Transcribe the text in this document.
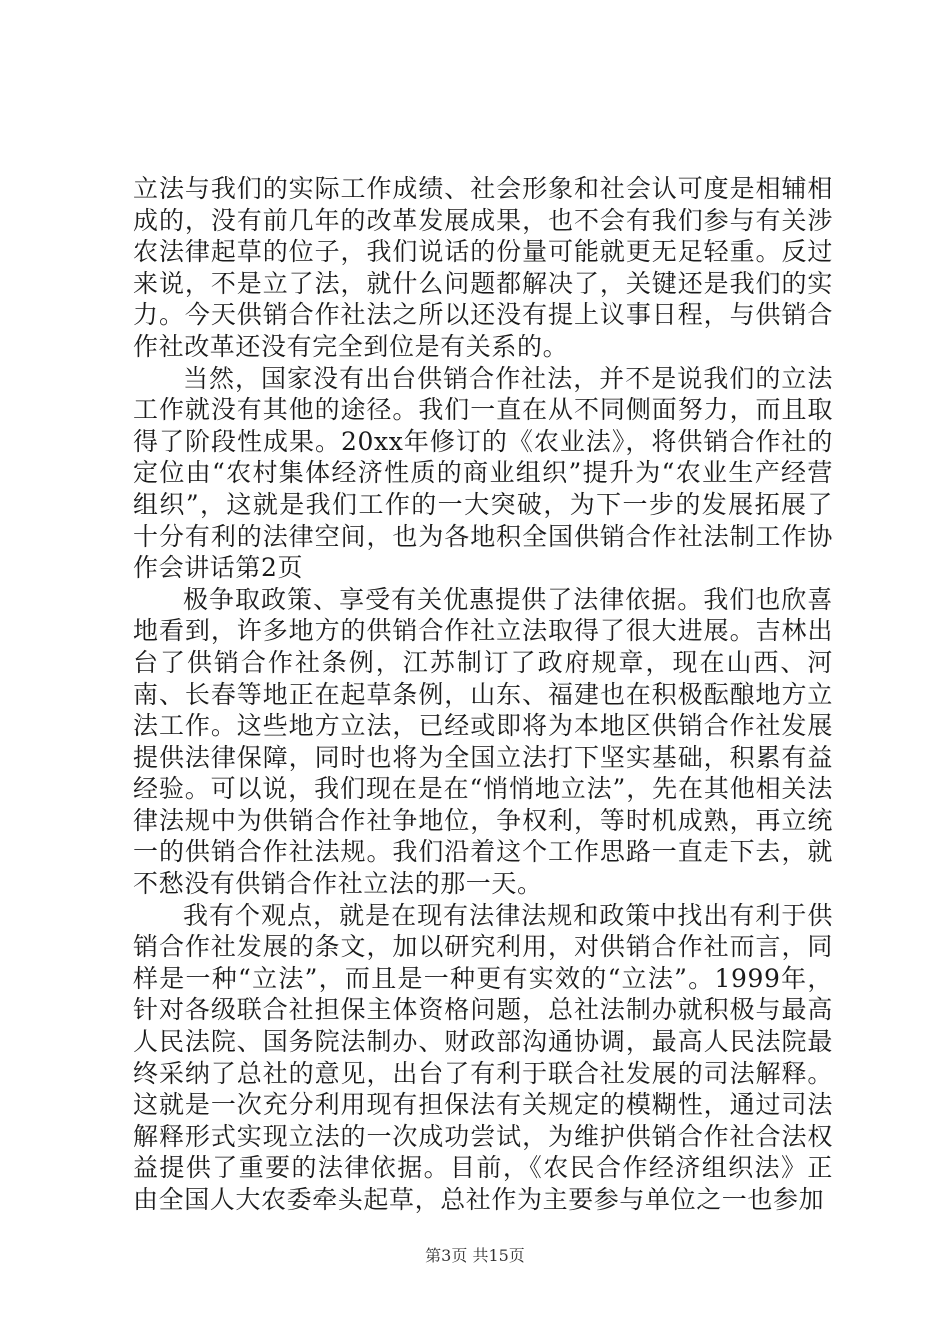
立法与我们的实际工作成绩、社会形象和社会认可度是相辅相成的，没有前几年的改革发展成果，也不会有我们参与有关涉农法律起草的位子，我们说话的份量可能就更无足轻重。反过来说，不是立了法，就什么问题都解决了，关键还是我们的实力。今天供销合作社法之所以还没有提上议事日程，与供销合作社改革还没有完全到位是有关系的。

当然，国家没有出台供销合作社法，并不是说我们的立法工作就没有其他的途径。我们一直在从不同侧面努力，而且取得了阶段性成果。20xx年修订的《农业法》，将供销合作社的定位由“农村集体经济性质的商业组织”提升为“农业生产经营组织”，这就是我们工作的一大突破，为下一步的发展拓展了十分有利的法律空间，也为各地积全国供销合作社法制工作协作会讲话第2页

极争取政策、享受有关优惠提供了法律依据。我们也欣喜地看到，许多地方的供销合作社立法取得了很大进展。吉林出台了供销合作社条例，江苏制订了政府规章，现在山西、河南、长春等地正在起草条例，山东、福建也在积极酝酿地方立法工作。这些地方立法，已经或即将为本地区供销合作社发展提供法律保障，同时也将为全国立法打下坚实基础，积累有益经验。可以说，我们现在是在“悄悄地立法”，先在其他相关法律法规中为供销合作社争地位，争权利，等时机成熟，再立统一的供销合作社法规。我们沿着这个工作思路一直走下去，就不愁没有供销合作社立法的那一天。

我有个观点，就是在现有法律法规和政策中找出有利于供销合作社发展的条文，加以研究利用，对供销合作社而言，同样是一种“立法”，而且是一种更有实效的“立法”。1999年，针对各级联合社担保主体资格问题，总社法制办就积极与最高人民法院、国务院法制办、财政部沟通协调，最高人民法院最终采纳了总社的意见，出台了有利于联合社发展的司法解释。这就是一次充分利用现有担保法有关规定的模糊性，通过司法解释形式实现立法的一次成功尝试，为维护供销合作社合法权益提供了重要的法律依据。目前，《农民合作经济组织法》正由全国人大农委牵头起草，总社作为主要参与单位之一也参加

第3页 共15页
